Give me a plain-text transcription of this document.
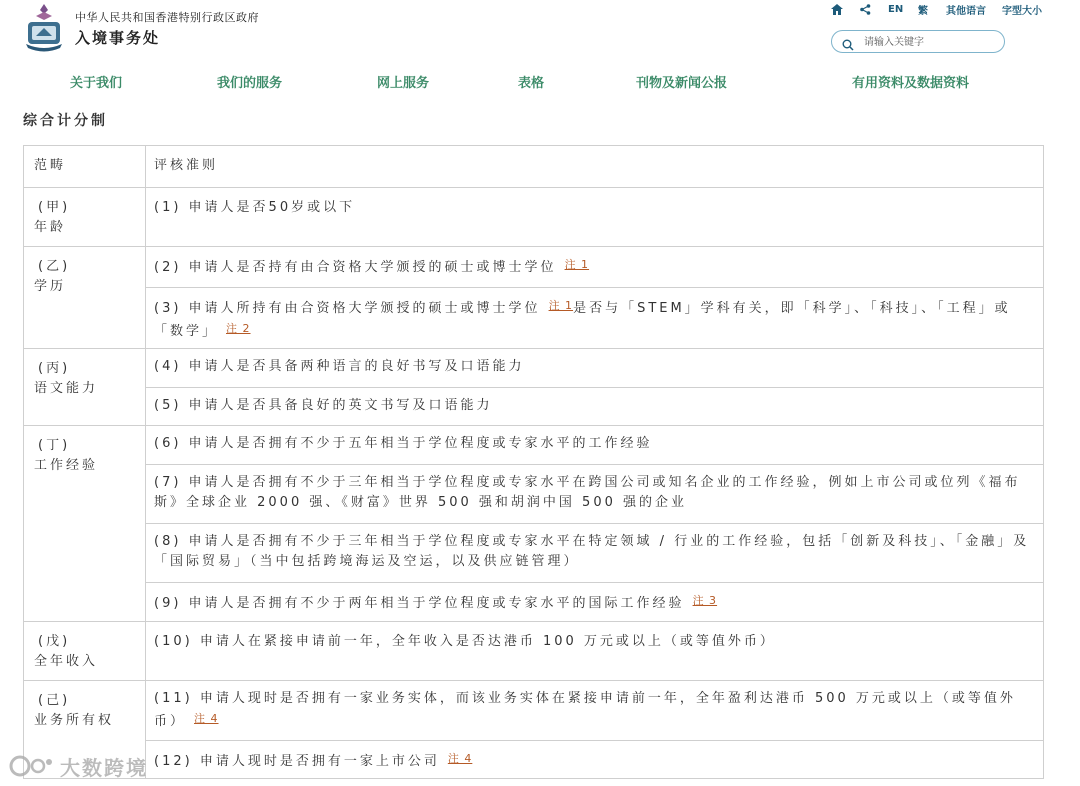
中华人民共和国香港特别行政区政府
入境事务处
EN 繁 其他语言 字型大小
请输入关键字
关于我们	我们的服务	网上服务	表格	刊物及新闻公报	有用资料及数据资料
综合计分制
范畴	评核准则

(甲)
年龄	(1) 申请人是否50岁或以下

(乙)
学历	(2) 申请人是否持有由合资格大学颁授的硕士或博士学位 $^{注 1}$
	(3) 申请人所持有由合资格大学颁授的硕士或博士学位 $^{注 1}$是否与「STEM」学科有关，即「科学」、「科技」、「工程」或「数学」 $^{注 2}$

(丙)
语文能力	(4) 申请人是否具备两种语言的良好书写及口语能力
	(5) 申请人是否具备良好的英文书写及口语能力

(丁)
工作经验	(6) 申请人是否拥有不少于五年相当于学位程度或专家水平的工作经验
	(7) 申请人是否拥有不少于三年相当于学位程度或专家水平在跨国公司或知名企业的工作经验，例如上市公司或位列《福布斯》全球企业 2000 强、《财富》世界 500 强和胡润中国 500 强的企业
	(8) 申请人是否拥有不少于三年相当于学位程度或专家水平在特定领域 / 行业的工作经验，包括「创新及科技」、「金融」及「国际贸易」（当中包括跨境海运及空运，以及供应链管理）
	(9) 申请人是否拥有不少于两年相当于学位程度或专家水平的国际工作经验 $^{注 3}$

(戊)
全年收入	(10) 申请人在紧接申请前一年，全年收入是否达港币 100 万元或以上（或等值外币）

(己)
业务所有权	(11) 申请人现时是否拥有一家业务实体，而该业务实体在紧接申请前一年，全年盈利达港币 500 万元或以上（或等值外币） $^{注 4}$
	(12) 申请人现时是否拥有一家上市公司 $^{注 4}$
大数跨境
